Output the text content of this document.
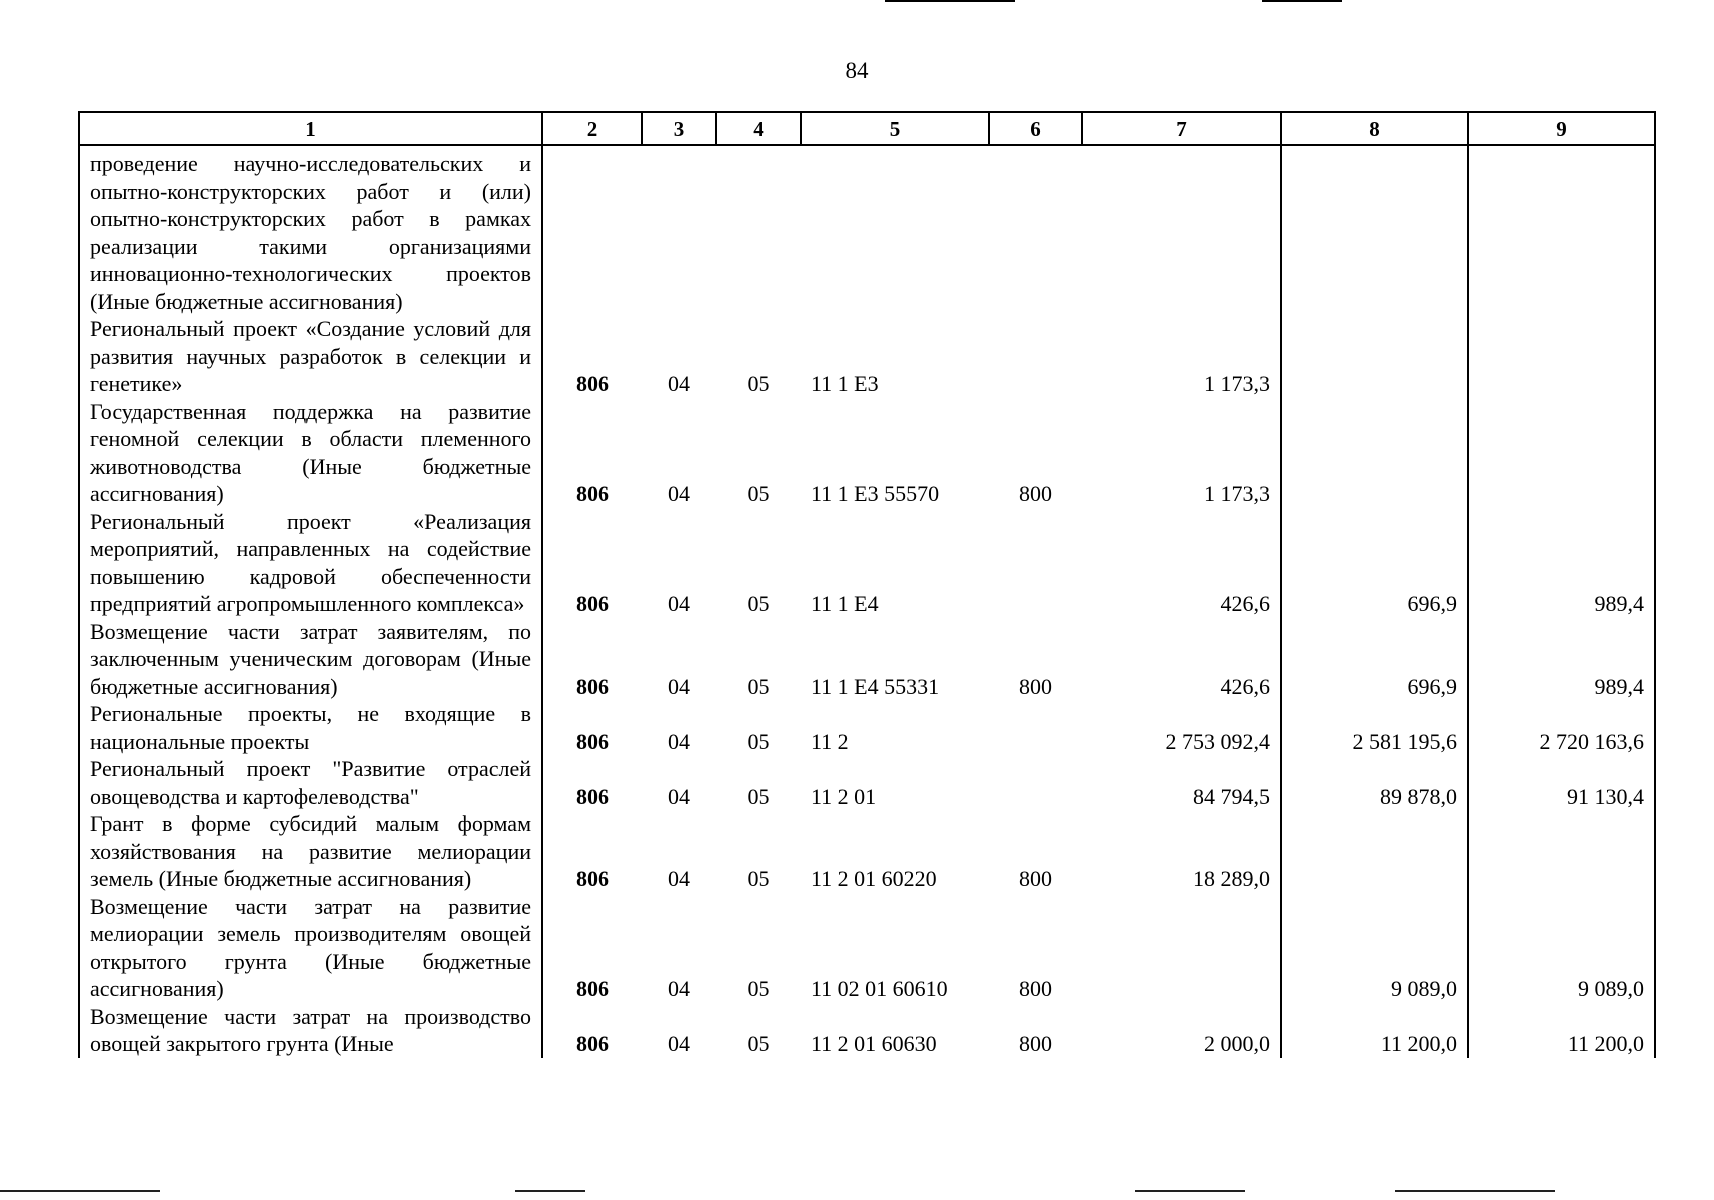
84
1	2	3	4	5	6	7	8	9
проведение научно-исследовательских и опытно-конструкторских работ и (или) опытно-конструкторских работ в рамках реализации такими организациями инновационно-технологических проектов (Иные бюджетные ассигнования)								
Региональный проект «Создание условий для развития научных разработок в селекции и генетике»	806	04	05	11 1 E3		1 173,3		
Государственная поддержка на развитие геномной селекции в области племенного животноводства (Иные бюджетные ассигнования)	806	04	05	11 1 E3 55570	800	1 173,3		
Региональный проект «Реализация мероприятий, направленных на содействие повышению кадровой обеспеченности предприятий агропромышленного комплекса»	806	04	05	11 1 E4		426,6	696,9	989,4
Возмещение части затрат заявителям, по заключенным ученическим договорам (Иные бюджетные ассигнования)	806	04	05	11 1 E4 55331	800	426,6	696,9	989,4
Региональные проекты, не входящие в национальные проекты	806	04	05	11 2		2 753 092,4	2 581 195,6	2 720 163,6
Региональный проект "Развитие отраслей овощеводства и картофелеводства"	806	04	05	11 2 01		84 794,5	89 878,0	91 130,4
Грант в форме субсидий малым формам хозяйствования на развитие мелиорации земель (Иные бюджетные ассигнования)	806	04	05	11 2 01 60220	800	18 289,0		
Возмещение части затрат на развитие мелиорации земель производителям овощей открытого грунта (Иные бюджетные ассигнования)	806	04	05	11 02 01 60610	800		9 089,0	9 089,0
Возмещение части затрат на производство овощей закрытого грунта (Иные	806	04	05	11 2 01 60630	800	2 000,0	11 200,0	11 200,0
